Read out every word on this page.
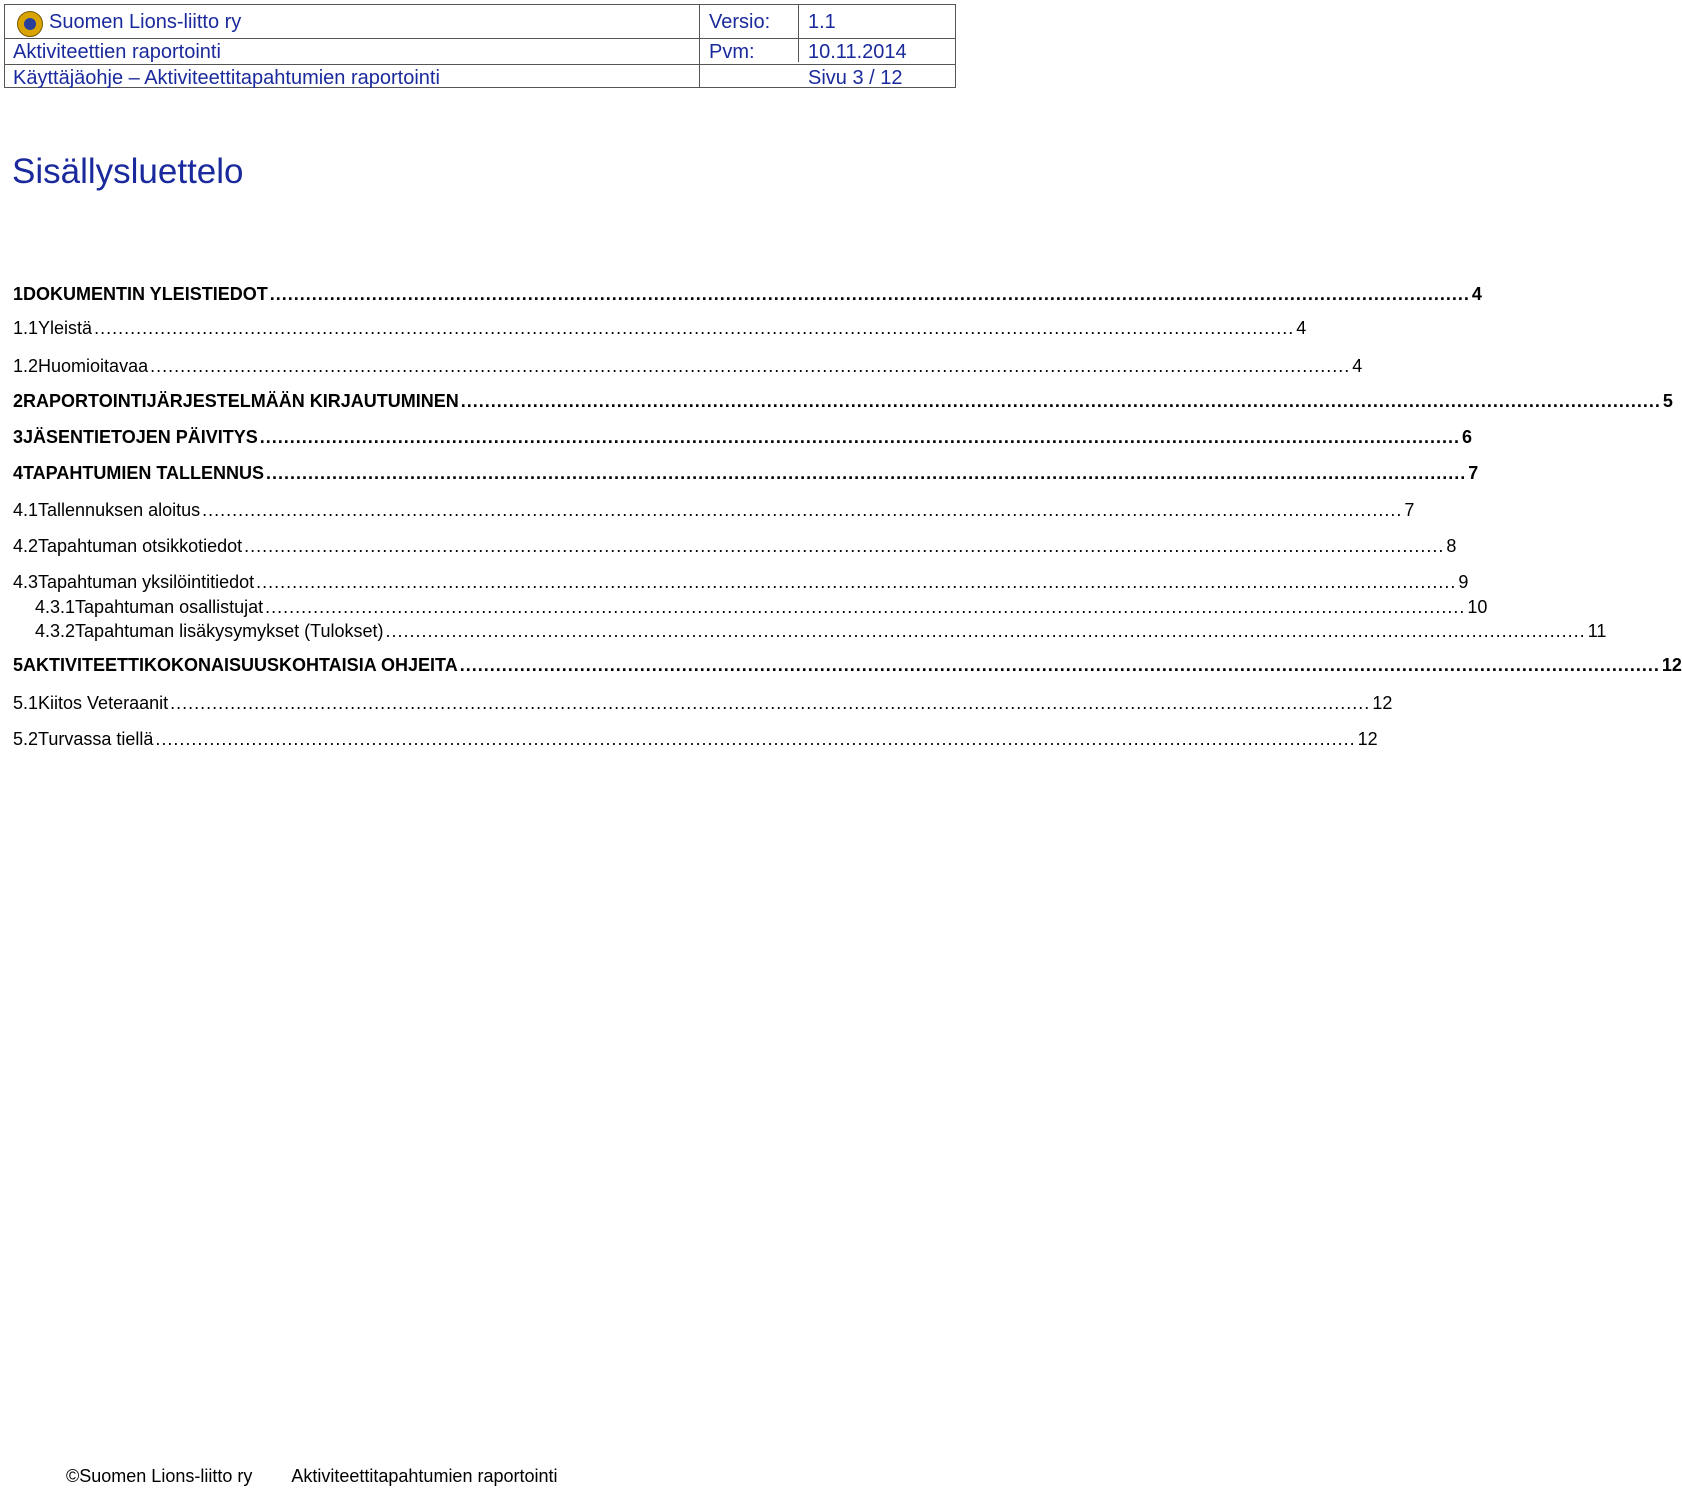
Suomen Lions-liitto ry	Versio: 1.1
Aktiviteettien raportointi	Pvm:	10.11.2014
Käyttäjäohje – Aktiviteettitapahtumien raportointi	Sivu 3 / 12
Sisällysluettelo
1 DOKUMENTIN YLEISTIEDOT ........................................................................................................................................................................................................ 4
1.1 Yleistä ........................................................................................................................................................................................................ 4
1.2 Huomioitavaa ........................................................................................................................................................................................................ 4
2 RAPORTOINTIJÄRJESTELMÄÄN KIRJAUTUMINEN ........................................................................................................................................................................................................ 5
3 JÄSENTIETOJEN PÄIVITYS ........................................................................................................................................................................................................ 6
4 TAPAHTUMIEN TALLENNUS ........................................................................................................................................................................................................ 7
4.1 Tallennuksen aloitus ........................................................................................................................................................................................................ 7
4.2 Tapahtuman otsikkotiedot ........................................................................................................................................................................................................ 8
4.3 Tapahtuman yksilöintitiedot ........................................................................................................................................................................................................ 9
4.3.1 Tapahtuman osallistujat ........................................................................................................................................................................................................ 10
4.3.2 Tapahtuman lisäkysymykset (Tulokset) ........................................................................................................................................................................................................ 11
5 AKTIVITEETTIKOKONAISUUSKOHTAISIA OHJEITA ........................................................................................................................................................................................................ 12
5.1 Kiitos Veteraanit ........................................................................................................................................................................................................ 12
5.2 Turvassa tiellä ........................................................................................................................................................................................................ 12
©Suomen Lions-liitto ry Aktiviteettitapahtumien raportointi
